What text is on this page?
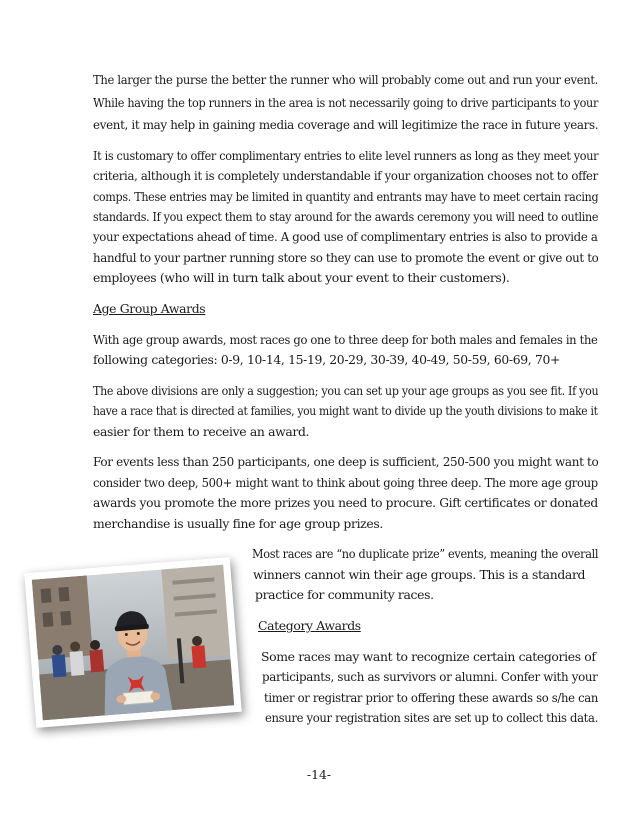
The larger the purse the better the runner who will probably come out and run your event.
While having the top runners in the area is not necessarily going to drive participants to your
event, it may help in gaining media coverage and will legitimize the race in future years.
It is customary to offer complimentary entries to elite level runners as long as they meet your
criteria, although it is completely understandable if your organization chooses not to offer
comps. These entries may be limited in quantity and entrants may have to meet certain racing
standards. If you expect them to stay around for the awards ceremony you will need to outline
your expectations ahead of time. A good use of complimentary entries is also to provide a
handful to your partner running store so they can use to promote the event or give out to
employees (who will in turn talk about your event to their customers).
Age Group Awards
With age group awards, most races go one to three deep for both males and females in the
following categories: 0-9, 10-14, 15-19, 20-29, 30-39, 40-49, 50-59, 60-69, 70+
The above divisions are only a suggestion; you can set up your age groups as you see fit. If you
have a race that is directed at families, you might want to divide up the youth divisions to make it
easier for them to receive an award.
For events less than 250 participants, one deep is sufficient, 250-500 you might want to
consider two deep, 500+ might want to think about going three deep. The more age group
awards you promote the more prizes you need to procure. Gift certificates or donated
merchandise is usually fine for age group prizes.
Most races are “no duplicate prize” events, meaning the overall
winners cannot win their age groups. This is a standard
practice for community races.
Category Awards
Some races may want to recognize certain categories of
participants, such as survivors or alumni. Confer with your
timer or registrar prior to offering these awards so s/he can
ensure your registration sites are set up to collect this data.
-14-
